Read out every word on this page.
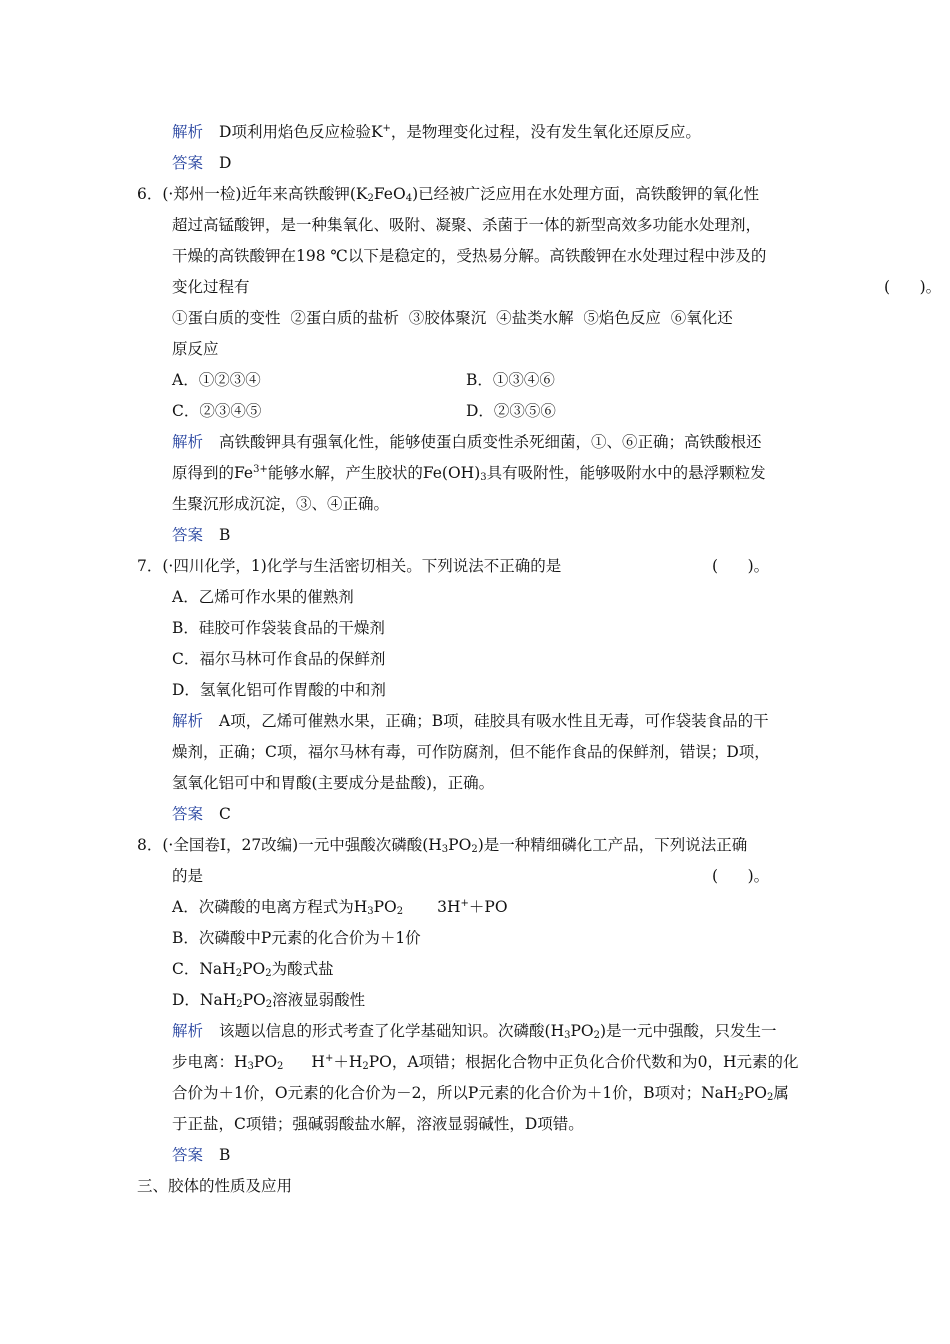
解析 D项利用焰色反应检验K+，是物理变化过程，没有发生氧化还原反应。
答案 D
6．(·郑州一检)近年来高铁酸钾$(K_2FeO_4)$已经被广泛应用在水处理方面，高铁酸钾的氧化性
超过高锰酸钾，是一种集氧化、吸附、凝聚、杀菌于一体的新型高效多功能水处理剂，
干燥的高铁酸钾在198 ℃以下是稳定的，受热易分解。高铁酸钾在水处理过程中涉及的
变化过程有	(      )。
①蛋白质的变性  ②蛋白质的盐析  ③胶体聚沉  ④盐类水解  ⑤焰色反应  ⑥氧化还
原反应
A．①②③④	B．①③④⑥
C．②③④⑤	D．②③⑤⑥
解析 高铁酸钾具有强氧化性，能够使蛋白质变性杀死细菌，①、⑥正确；高铁酸根还
原得到的$Fe^{3+}$能够水解，产生胶状的$Fe(OH)_3$具有吸附性，能够吸附水中的悬浮颗粒发
生聚沉形成沉淀，③、④正确。
答案 B
7．(·四川化学，1)化学与生活密切相关。下列说法不正确的是	(      )。
A．乙烯可作水果的催熟剂
B．硅胶可作袋装食品的干燥剂
C．福尔马林可作食品的保鲜剂
D．氢氧化铝可作胃酸的中和剂
解析 A项，乙烯可催熟水果，正确；B项，硅胶具有吸水性且无毒，可作袋装食品的干
燥剂，正确；C项，福尔马林有毒，可作防腐剂，但不能作食品的保鲜剂，错误；D项，
氢氧化铝可中和胃酸(主要成分是盐酸)，正确。
答案 C
8．(·全国卷Ⅰ，27改编)一元中强酸次磷酸$(H_3PO_2)$是一种精细磷化工产品，下列说法正确
的是	(      )。
A．次磷酸的电离方程式为$H_3PO_2$ 3H+＋PO
B．次磷酸中P元素的化合价为＋1价
C．$NaH_2PO_2$为酸式盐
D．$NaH_2PO_2$溶液显弱酸性
解析 该题以信息的形式考查了化学基础知识。次磷酸$(H_3PO_2)$是一元中强酸，只发生一
步电离：$H_3PO_2$ $H^++H_2PO$，A项错；根据化合物中正负化合价代数和为0，H元素的化
合价为＋1价，O元素的化合价为－2，所以P元素的化合价为＋1价，B项对；$NaH_2PO_2$属
于正盐，C项错；强碱弱酸盐水解，溶液显弱碱性，D项错。
答案 B
三、胶体的性质及应用
